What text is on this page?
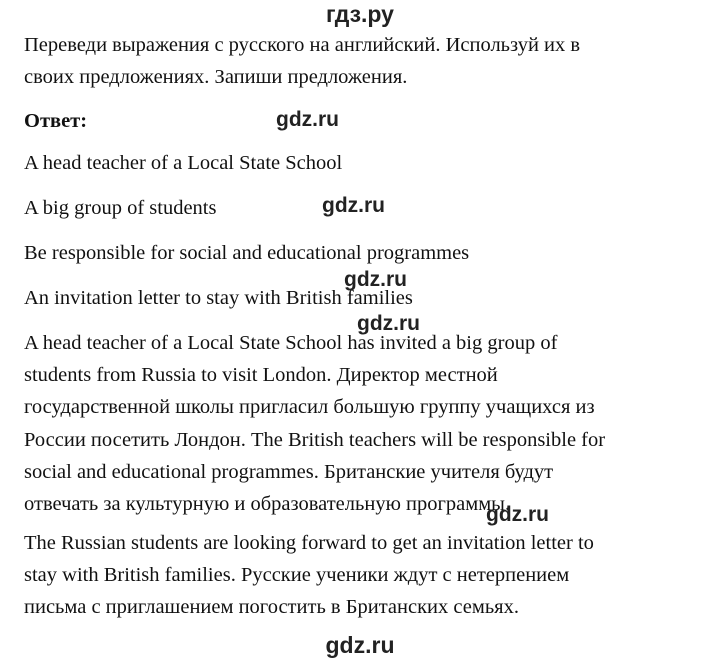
гдз.ру
Переведи выражения с русского на английский. Используй их в
своих предложениях. Запиши предложения.
Ответ:	gdz.ru
A head teacher of a Local State School
A big group of students	gdz.ru
Be responsible for social and educational programmes
gdz.ru
An invitation letter to stay with British families
gdz.ru
A head teacher of a Local State School has invited a big group of
students from Russia to visit London. Директор местной
государственной школы пригласил большую группу учащихся из
России посетить Лондон. The British teachers will be responsible for
social and educational programmes. Британские учителя будут
отвечать за культурную и образовательную программы.
gdz.ru
The Russian students are looking forward to get an invitation letter to
stay with British families. Русские ученики ждут с нетерпением
письма с приглашением погостить в Британских семьях.
gdz.ru
